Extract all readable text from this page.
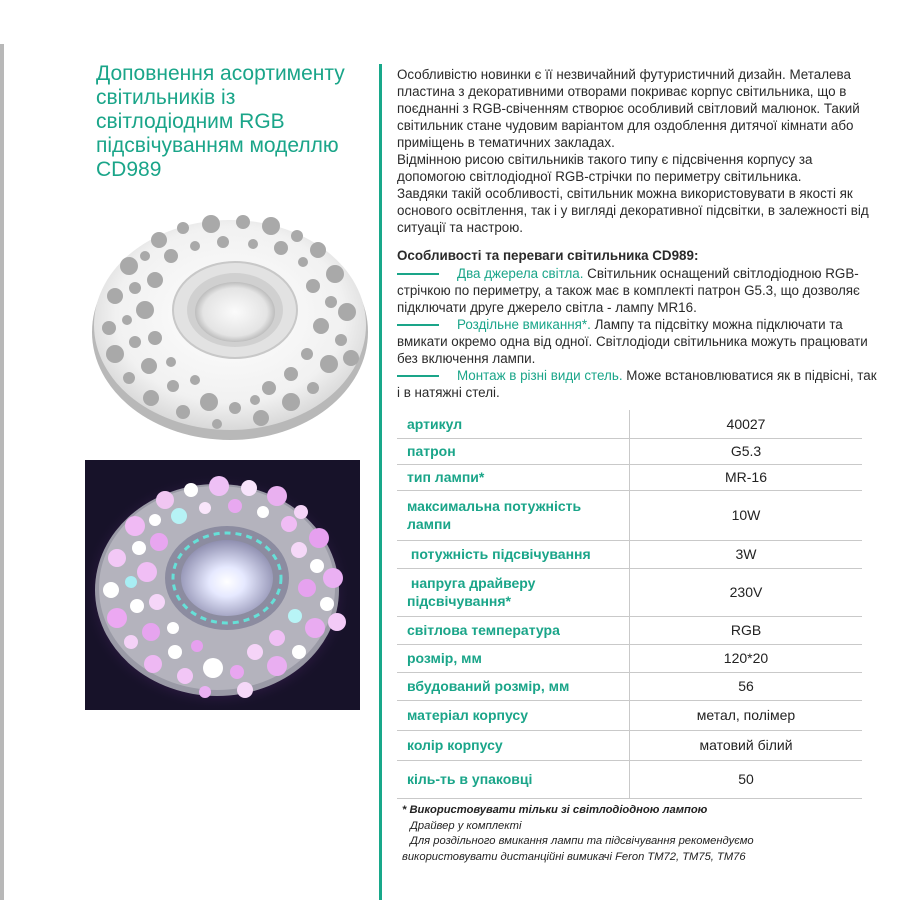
Доповнення асортименту
світильників із
світлодіодним RGB
підсвічуванням моделлю
CD989

Особливістю новинки є її незвичайний футуристичний дизайн. Металева пластина з декоративними отворами покриває корпус світильника, що в поєднанні з RGB-свіченням створює особливий світловий малюнок. Такий світильник стане чудовим варіантом для оздоблення дитячої кімнати або приміщень в тематичних закладах.

Відмінною рисою світильників такого типу є підсвічення корпусу за допомогою світлодіодної RGB-стрічки по периметру світильника.

Завдяки такій особливості, світильник можна використовувати в якості як основого освітлення, так і у вигляді декоративної підсвітки, в залежності від ситуації та настрою.

Особливості та переваги світильника CD989:

Два джерела світла. Світильник оснащений світлодіодною RGB-стрічкою по периметру, а також має в комплекті патрон G5.3, що дозволяє підключати друге джерело світла - лампу MR16.

Роздільне вмикання*. Лампу та підсвітку можна підключати та вмикати окремо одна від одної. Світлодіоди світильника можуть працювати без включення лампи.

Монтаж в різні види стель. Може встановлюватися як в підвісні, так і в натяжні стелі.

артикул	40027
патрон	G5.3
тип лампи*	MR-16
максимальна потужність лампи	10W
потужність підсвічування	3W
напруга драйверу підсвічування*	230V
світлова температура	RGB
розмір, мм	120*20
вбудований розмір, мм	56
матеріал корпусу	метал, полімер
колір корпусу	матовий білий
кіль-ть в упаковці	50
* Використовувати тільки зі світлодіодною лампою
Драйвер у комплекті
Для роздільного вмикання лампи та підсвічування рекомендуємо
використовувати дистанційні вимикачі Feron TM72, TM75, TM76
